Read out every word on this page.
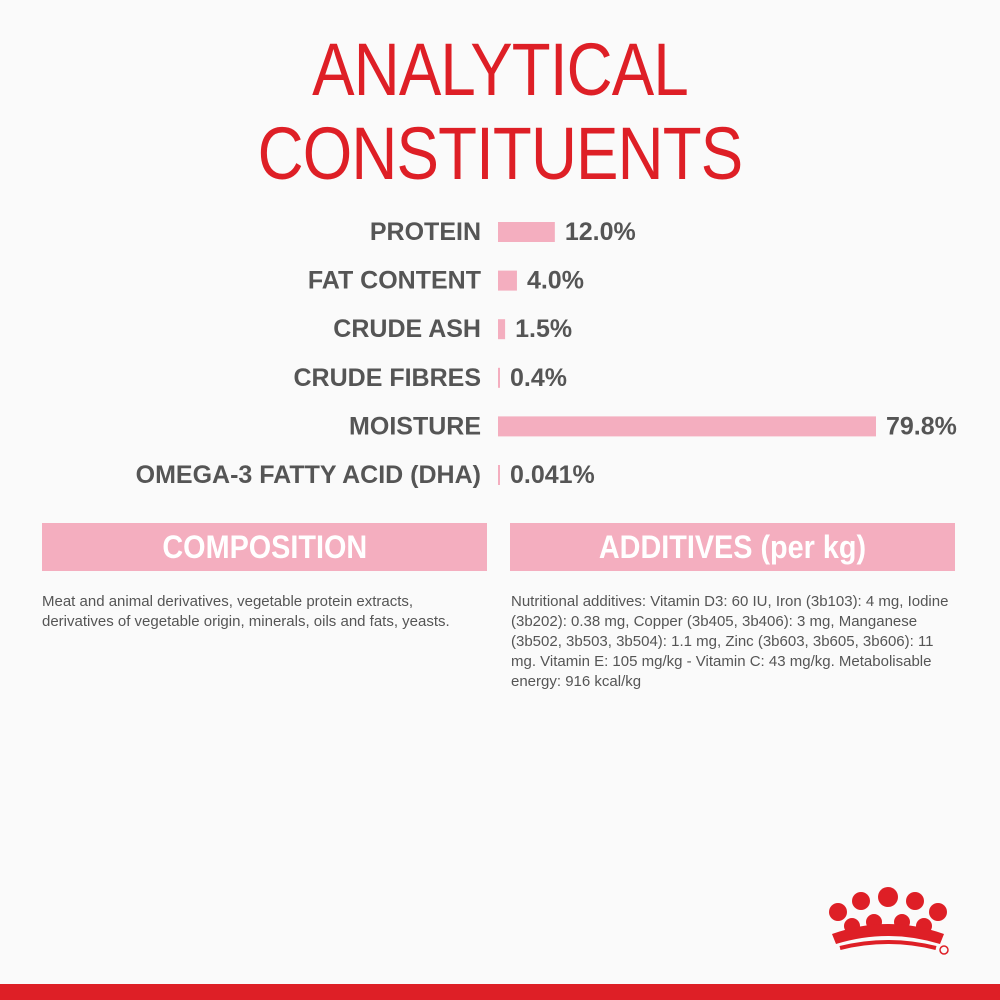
ANALYTICAL
CONSTITUENTS
PROTEIN	12.0%
FAT CONTENT 4.0%
CRUDE ASH 1.5%
CRUDE FIBRES 0.4%
MOISTURE	79.8%
OMEGA-3 FATTY ACID (DHA) 0.041%
COMPOSITION
Meat and animal derivatives, vegetable protein extracts, derivatives of vegetable origin, minerals, oils and fats, yeasts.
ADDITIVES (per kg)
Nutritional additives: Vitamin D3: 60 IU, Iron (3b103): 4 mg, Iodine (3b202): 0.38 mg, Copper (3b405, 3b406): 3 mg, Manganese (3b502, 3b503, 3b504): 1.1 mg, Zinc (3b603, 3b605, 3b606): 11 mg. Vitamin E: 105 mg/kg - Vitamin C: 43 mg/kg. Metabolisable energy: 916 kcal/kg
